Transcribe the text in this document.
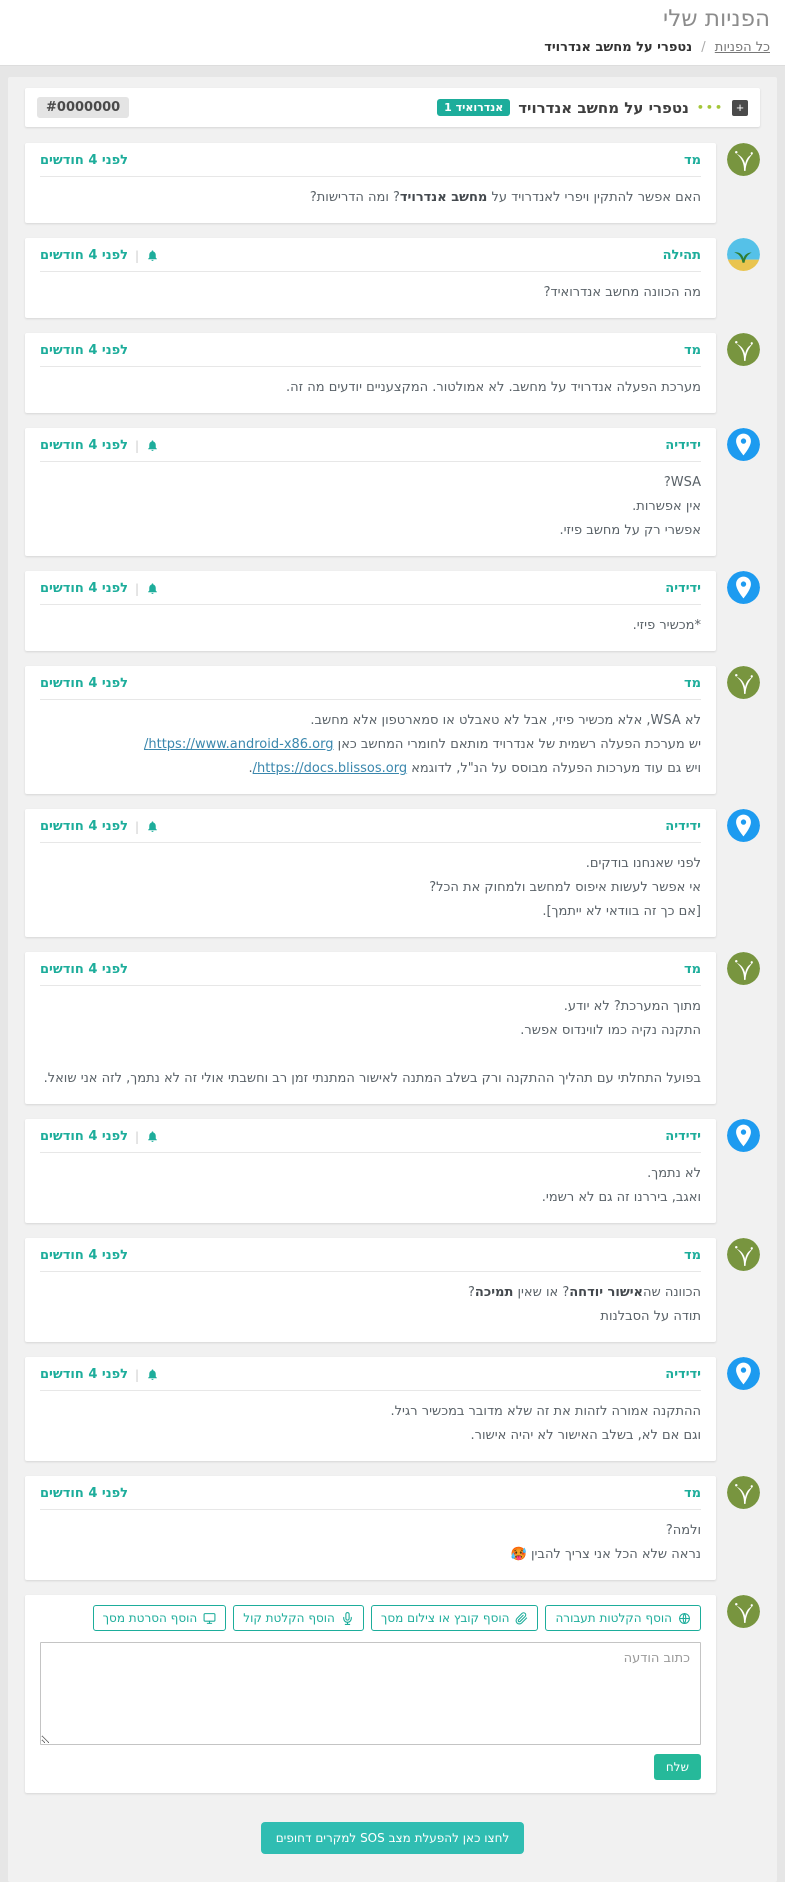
הפניות שלי
כל הפניות / נטפרי על מחשב אנדרויד
+
•••
נטפרי על מחשב אנדרויד
אנדרואיד 1
#0000000
מד
לפני 4 חודשים
האם אפשר להתקין ויפרי לאנדרויד על מחשב אנדרויד? ומה הדרישות?
תהילה
|
לפני 4 חודשים
מה הכוונה מחשב אנדרואיד?
מד
לפני 4 חודשים
מערכת הפעלה אנדרויד על מחשב. לא אמולטור. המקצעניים יודעים מה זה.
ידידיה
|
לפני 4 חודשים
WSA?
אין אפשרות.
אפשרי רק על מחשב פיזי.
ידידיה
|
לפני 4 חודשים
*מכשיר פיזי.
מד
לפני 4 חודשים
לא WSA, אלא מכשיר פיזי, אבל לא טאבלט או סמארטפון אלא מחשב.
יש מערכת הפעלה רשמית של אנדרויד מותאם לחומרי המחשב כאן https://www.android-x86.org/
ויש גם עוד מערכות הפעלה מבוסס על הנ"ל, לדוגמא https://docs.blissos.org/.
ידידיה
|
לפני 4 חודשים
לפני שאנחנו בודקים.
אי אפשר לעשות איפוס למחשב ולמחוק את הכל?
[אם כך זה בוודאי לא ייתמך].
מד
לפני 4 חודשים
מתוך המערכת? לא יודע.
התקנה נקיה כמו לווינדוס אפשר.

בפועל התחלתי עם תהליך ההתקנה ורק בשלב המתנה לאישור המתנתי זמן רב וחשבתי אולי זה לא נתמך, לזה אני שואל.
ידידיה
|
לפני 4 חודשים
לא נתמך.
ואגב, ביררנו זה גם לא רשמי.
מד
לפני 4 חודשים
הכוונה שהאישור יודחה? או שאין תמיכה?
תודה על הסבלנות
ידידיה
|
לפני 4 חודשים
ההתקנה אמורה לזהות את זה שלא מדובר במכשיר רגיל.
וגם אם לא, בשלב האישור לא יהיה אישור.
מד
לפני 4 חודשים
ולמה?
נראה שלא הכל אני צריך להבין 🥵
הוסף הקלטות תעבורה
הוסף קובץ או צילום מסך
הוסף הקלטת קול
הוסף הסרטת מסך
כתוב הודעה
שלח
לחצו כאן להפעלת מצב SOS למקרים דחופים
